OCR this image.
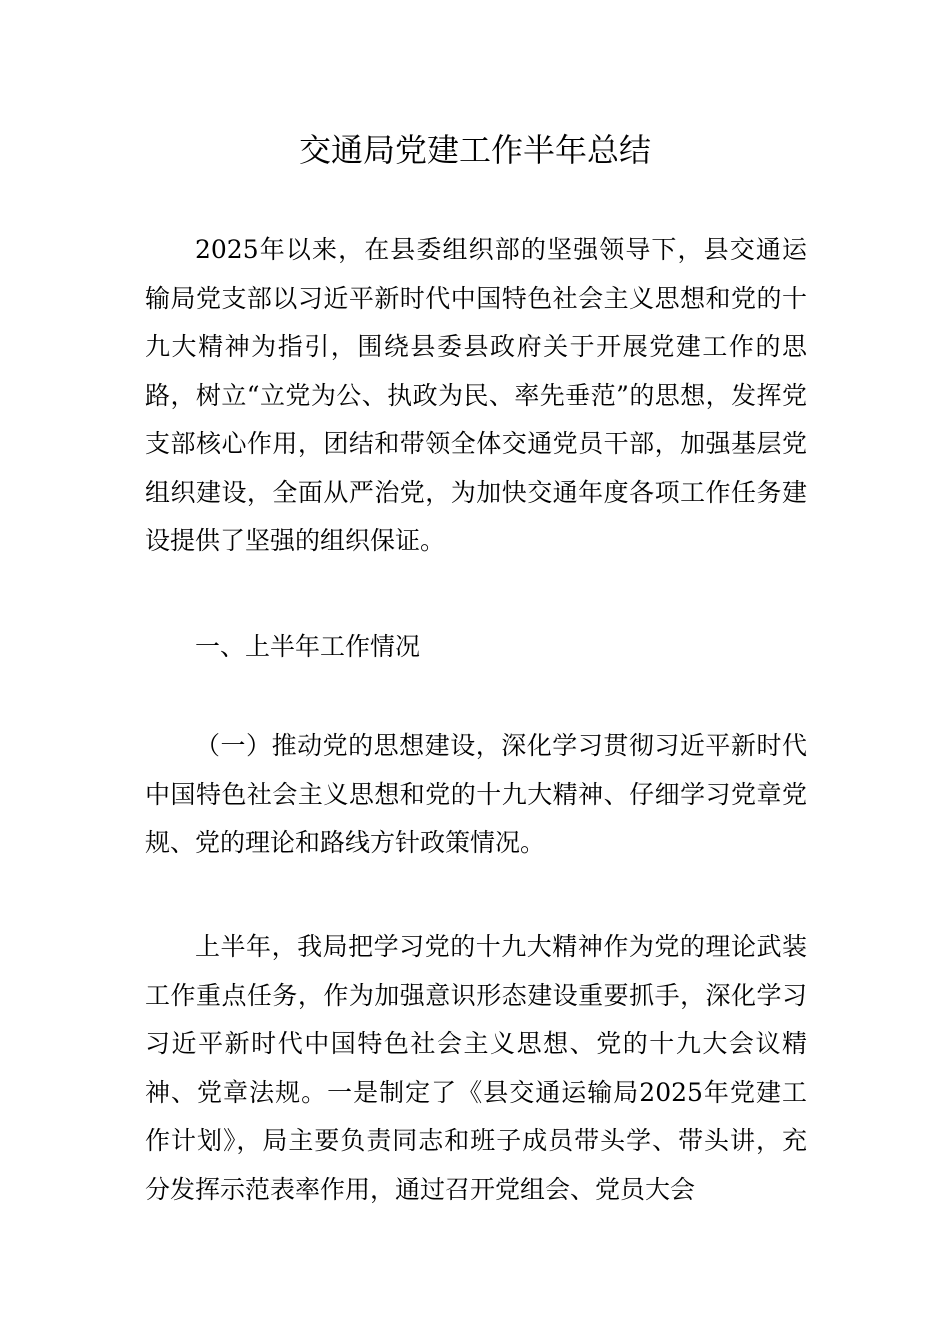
交通局党建工作半年总结

2025年以来，在县委组织部的坚强领导下，县交通运输局党支部以习近平新时代中国特色社会主义思想和党的十九大精神为指引，围绕县委县政府关于开展党建工作的思路，树立“立党为公、执政为民、率先垂范”的思想，发挥党支部核心作用，团结和带领全体交通党员干部，加强基层党组织建设，全面从严治党，为加快交通年度各项工作任务建设提供了坚强的组织保证。

一、上半年工作情况

（一）推动党的思想建设，深化学习贯彻习近平新时代中国特色社会主义思想和党的十九大精神、仔细学习党章党规、党的理论和路线方针政策情况。

上半年，我局把学习党的十九大精神作为党的理论武装工作重点任务，作为加强意识形态建设重要抓手，深化学习习近平新时代中国特色社会主义思想、党的十九大会议精神、党章法规。一是制定了《县交通运输局2025年党建工作计划》，局主要负责同志和班子成员带头学、带头讲，充分发挥示范表率作用，通过召开党组会、党员大会
